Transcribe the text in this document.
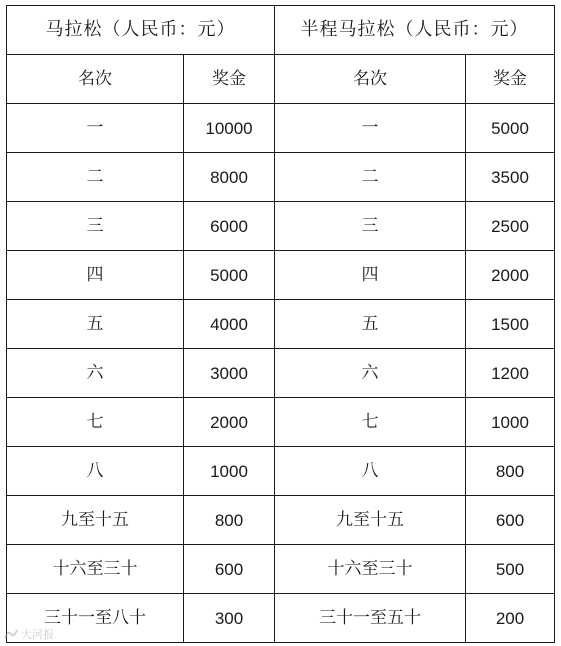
马拉松（人民币：元）		半程马拉松（人民币：元）	
名次	奖金	名次	奖金
一	10000	一	5000
二	8000	二	3500
三	6000	三	2500
四	5000	四	2000
五	4000	五	1500
六	3000	六	1200
七	2000	七	1000
八	1000	八	800
九至十五	800	九至十五	600
十六至三十	600	十六至三十	500
三十一至八十	300	三十一至五十	200
大河报
